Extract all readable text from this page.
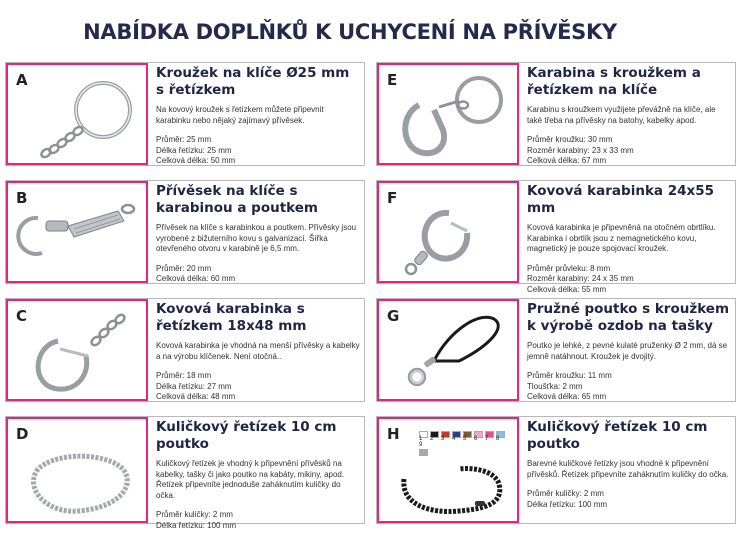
NABÍDKA DOPLŇKŮ K UCHYCENÍ NA PŘÍVĚSKY
A	Kroužek na klíče Ø25 mm s řetízkem
Na kovový kroužek s řetízkem můžete připevnit karabinku nebo nějaký zajímavý přívěsek.
Průměr: 25 mm
Délka řetízku: 25 mm
Celková délka: 50 mm
B	Přívěsek na klíče s karabinou a poutkem
Přívěsek na klíče s karabinkou a poutkem. Přívěsky jsou vyrobené z bižuterního kovu s galvanizací. Šířka otevřeného otvoru v karabině je 6,5 mm.
Průměr: 20 mm
Celková délka: 60 mm
C	Kovová karabinka s řetízkem 18x48 mm
Kovová karabinka je vhodná na menší přívěsky a kabelky a na výrobu klíčenek. Není otočná..
Průměr: 18 mm
Délka řetízku: 27 mm
Celková délka: 48 mm
D	Kuličkový řetízek 10 cm poutko
Kuličkový řetízek je vhodný k připevnění přívěsků na kabelky, tašky či jako poutko na kabáty, mikiny, apod. Řetízek připevníte jednoduše zaháknutím kuličky do očka.
Průměr kuličky: 2 mm
Délka řetízku: 100 mm
E	Karabina s kroužkem a řetízkem na klíče
Karabinu s kroužkem využijete převážně na klíče, ale také třeba na přívěsky na batohy, kabelky apod.
Průměr kroužku: 30 mm
Rozměr karabiny: 23 x 33 mm
Celková délka: 67 mm
F	Kovová karabinka 24x55 mm
Kovová karabinka je připevněná na otočném obrtlíku. Karabinka i obrtlík jsou z nemagnetického kovu, magnetický je pouze spojovací kroužek.
Průměr průvleku: 8 mm
Rozměr karabiny: 24 x 35 mm
Celková délka: 55 mm
G	Pružné poutko s kroužkem k výrobě ozdob na tašky
Poutko je lehké, z pevné kulaté pruženky Ø 2 mm, dá se jemně natáhnout. Kroužek je dvojitý.
Průměr kroužku: 11 mm
Tloušťka: 2 mm
Celková délka: 65 mm
H	1 2 3 4 5 6 7 89
Kuličkový řetízek 10 cm poutko
Barevné kuličkové řetízky jsou vhodné k připevnění přívěsků. Řetízek připevníte zaháknutím kuličky do očka.
Průměr kuličky: 2 mm
Délka řetízku: 100 mm
